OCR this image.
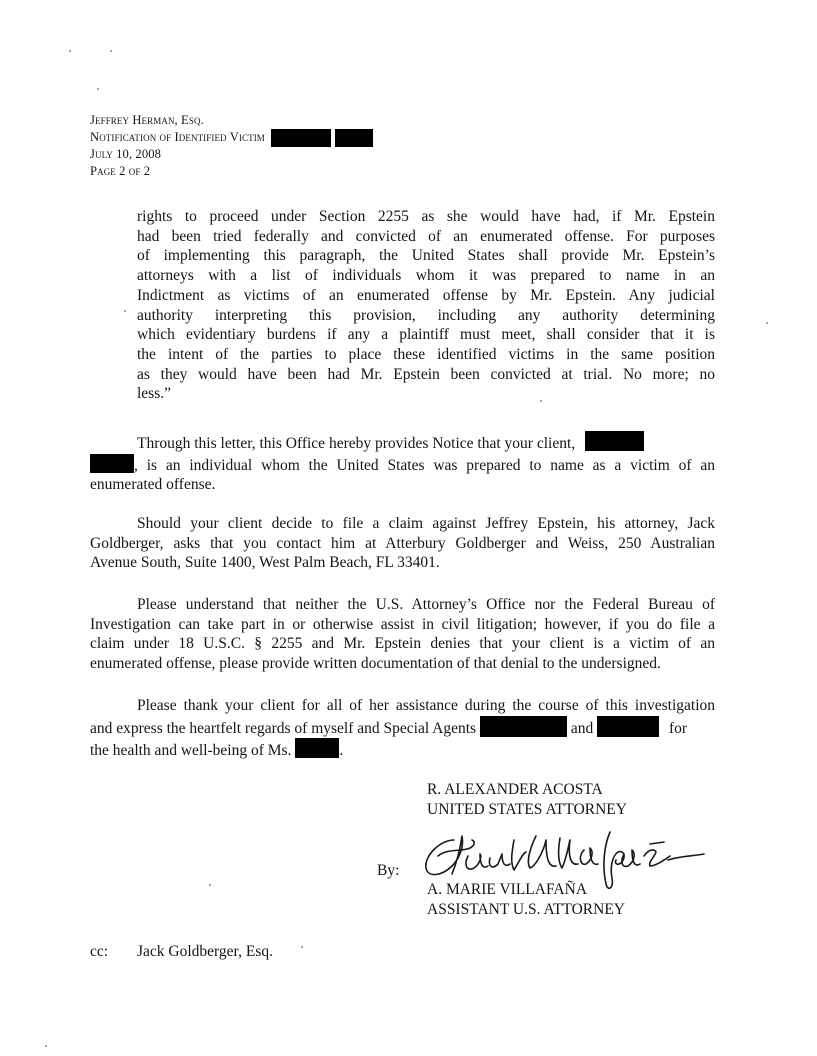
Jeffrey Herman, Esq.
Notification of Identified Victim
July 10, 2008
Page 2 of 2
rights to proceed under Section 2255 as she would have had, if Mr. Epstein
had been tried federally and convicted of an enumerated offense. For purposes
of implementing this paragraph, the United States shall provide Mr. Epstein’s
attorneys with a list of individuals whom it was prepared to name in an
Indictment as victims of an enumerated offense by Mr. Epstein. Any judicial
authority interpreting this provision, including any authority determining
which evidentiary burdens if any a plaintiff must meet, shall consider that it is
the intent of the parties to place these identified victims in the same position
as they would have been had Mr. Epstein been convicted at trial. No more; no
less.”
Through this letter, this Office hereby provides Notice that your client,
, is an individual whom the United States was prepared to name as a victim of an
enumerated offense.
Should your client decide to file a claim against Jeffrey Epstein, his attorney, Jack
Goldberger, asks that you contact him at Atterbury Goldberger and Weiss, 250 Australian
Avenue South, Suite 1400, West Palm Beach, FL 33401.
Please understand that neither the U.S. Attorney’s Office nor the Federal Bureau of
Investigation can take part in or otherwise assist in civil litigation; however, if you do file a
claim under 18 U.S.C. § 2255 and Mr. Epstein denies that your client is a victim of an
enumerated offense, please provide written documentation of that denial to the undersigned.
Please thank your client for all of her assistance during the course of this investigation
and express the heartfelt regards of myself and Special Agents	and	for
the health and well-being of Ms.	.
R. ALEXANDER ACOSTA
UNITED STATES ATTORNEY
By:
A. MARIE VILLAFAÑA
ASSISTANT U.S. ATTORNEY
cc: Jack Goldberger, Esq.
